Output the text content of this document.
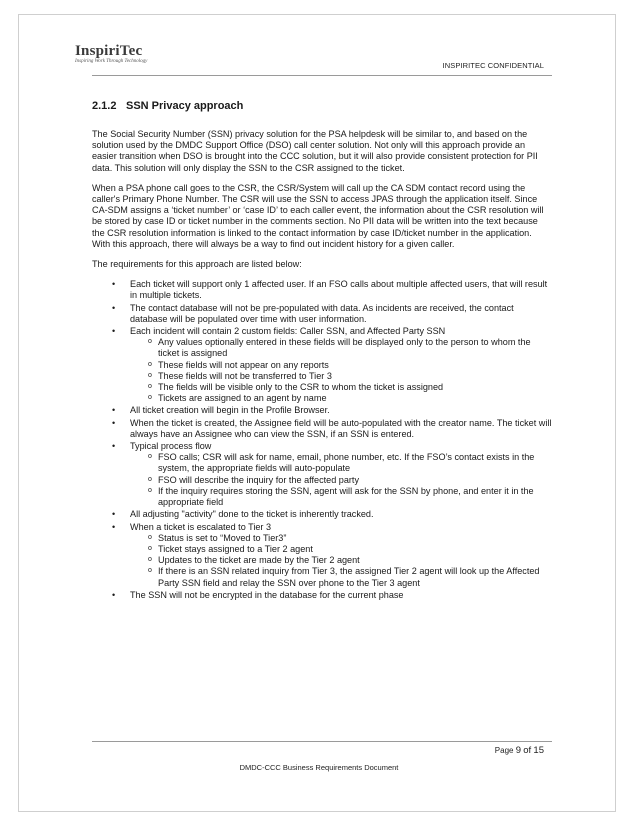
InspiriTec
Inspiring Work Through Technology	INSPIRITEC CONFIDENTIAL
2.1.2 SSN Privacy approach

The Social Security Number (SSN) privacy solution for the PSA helpdesk will be similar to, and based on the solution used by the DMDC Support Office (DSO) call center solution. Not only will this approach provide an easier transition when DSO is brought into the CCC solution, but it will also provide consistent protection for PII data. This solution will only display the SSN to the CSR assigned to the ticket.

When a PSA phone call goes to the CSR, the CSR/System will call up the CA SDM contact record using the caller's Primary Phone Number. The CSR will use the SSN to access JPAS through the application itself. Since CA-SDM assigns a ‘ticket number’ or ‘case ID’ to each caller event, the information about the CSR resolution will be stored by case ID or ticket number in the comments section. No PII data will be written into the text because the CSR resolution information is linked to the contact information by case ID/ticket number in the application. With this approach, there will always be a way to find out incident history for a given caller.

The requirements for this approach are listed below:

• Each ticket will support only 1 affected user. If an FSO calls about multiple affected users, that will result in multiple tickets.
• The contact database will not be pre-populated with data. As incidents are received, the contact database will be populated over time with user information.
• Each incident will contain 2 custom fields: Caller SSN, and Affected Party SSN
o Any values optionally entered in these fields will be displayed only to the person to whom the ticket is assigned
o These fields will not appear on any reports
o These fields will not be transferred to Tier 3
o The fields will be visible only to the CSR to whom the ticket is assigned
o Tickets are assigned to an agent by name
• All ticket creation will begin in the Profile Browser.
• When the ticket is created, the Assignee field will be auto-populated with the creator name. The ticket will always have an Assignee who can view the SSN, if an SSN is entered.
• Typical process flow
o FSO calls; CSR will ask for name, email, phone number, etc. If the FSO’s contact exists in the system, the appropriate fields will auto-populate
o FSO will describe the inquiry for the affected party
o If the inquiry requires storing the SSN, agent will ask for the SSN by phone, and enter it in the appropriate field
• All adjusting "activity" done to the ticket is inherently tracked.
• When a ticket is escalated to Tier 3
o Status is set to “Moved to Tier3”
o Ticket stays assigned to a Tier 2 agent
o Updates to the ticket are made by the Tier 2 agent
o If there is an SSN related inquiry from Tier 3, the assigned Tier 2 agent will look up the Affected Party SSN field and relay the SSN over phone to the Tier 3 agent
• The SSN will not be encrypted in the database for the current phase
Page 9 of 15
DMDC-CCC Business Requirements Document
